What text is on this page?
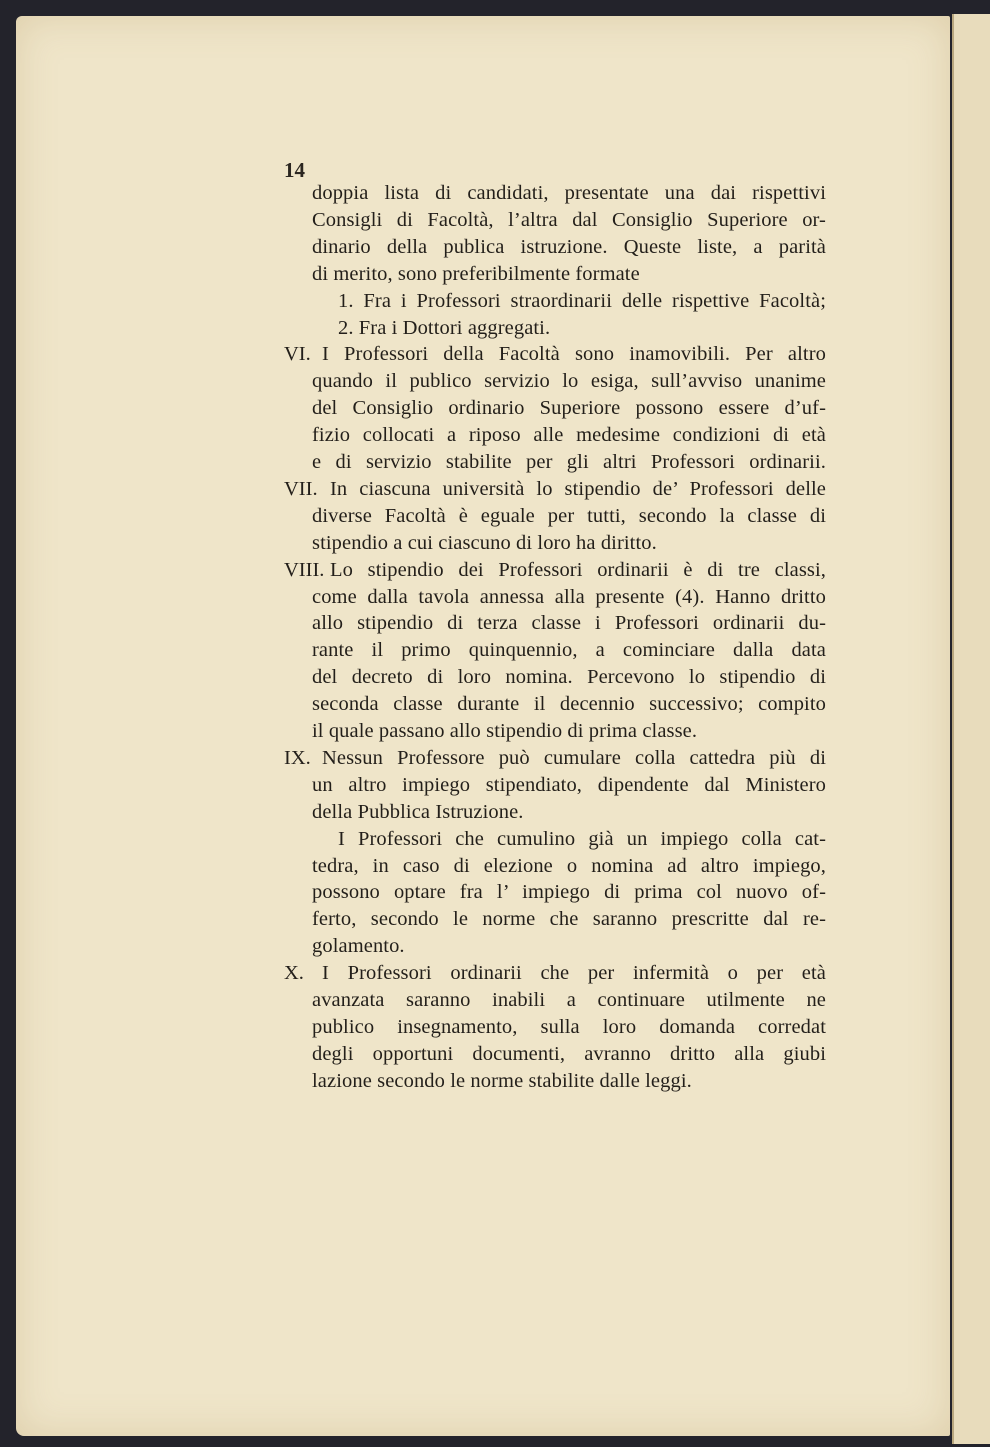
14
doppia lista di candidati, presentate una dai rispettivi
Consigli di Facoltà, l’altra dal Consiglio Superiore or-
dinario della publica istruzione. Queste liste, a parità
di merito, sono preferibilmente formate
1. Fra i Professori straordinarii delle rispettive Facoltà;
2. Fra i Dottori aggregati.
VI. I Professori della Facoltà sono inamovibili. Per altro
quando il publico servizio lo esiga, sull’avviso unanime
del Consiglio ordinario Superiore possono essere d’uf-
fizio collocati a riposo alle medesime condizioni di età
e di servizio stabilite per gli altri Professori ordinarii.
VII. In ciascuna università lo stipendio de’ Professori delle
diverse Facoltà è eguale per tutti, secondo la classe di
stipendio a cui ciascuno di loro ha diritto.
VIII. Lo stipendio dei Professori ordinarii è di tre classi,
come dalla tavola annessa alla presente (4). Hanno dritto
allo stipendio di terza classe i Professori ordinarii du-
rante il primo quinquennio, a cominciare dalla data
del decreto di loro nomina. Percevono lo stipendio di
seconda classe durante il decennio successivo; compito
il quale passano allo stipendio di prima classe.
IX. Nessun Professore può cumulare colla cattedra più di
un altro impiego stipendiato, dipendente dal Ministero
della Pubblica Istruzione.
I Professori che cumulino già un impiego colla cat-
tedra, in caso di elezione o nomina ad altro impiego,
possono optare fra l’ impiego di prima col nuovo of-
ferto, secondo le norme che saranno prescritte dal re-
golamento.
X. I Professori ordinarii che per infermità o per età
avanzata saranno inabili a continuare utilmente ne
publico insegnamento, sulla loro domanda corredat
degli opportuni documenti, avranno dritto alla giubi
lazione secondo le norme stabilite dalle leggi.
